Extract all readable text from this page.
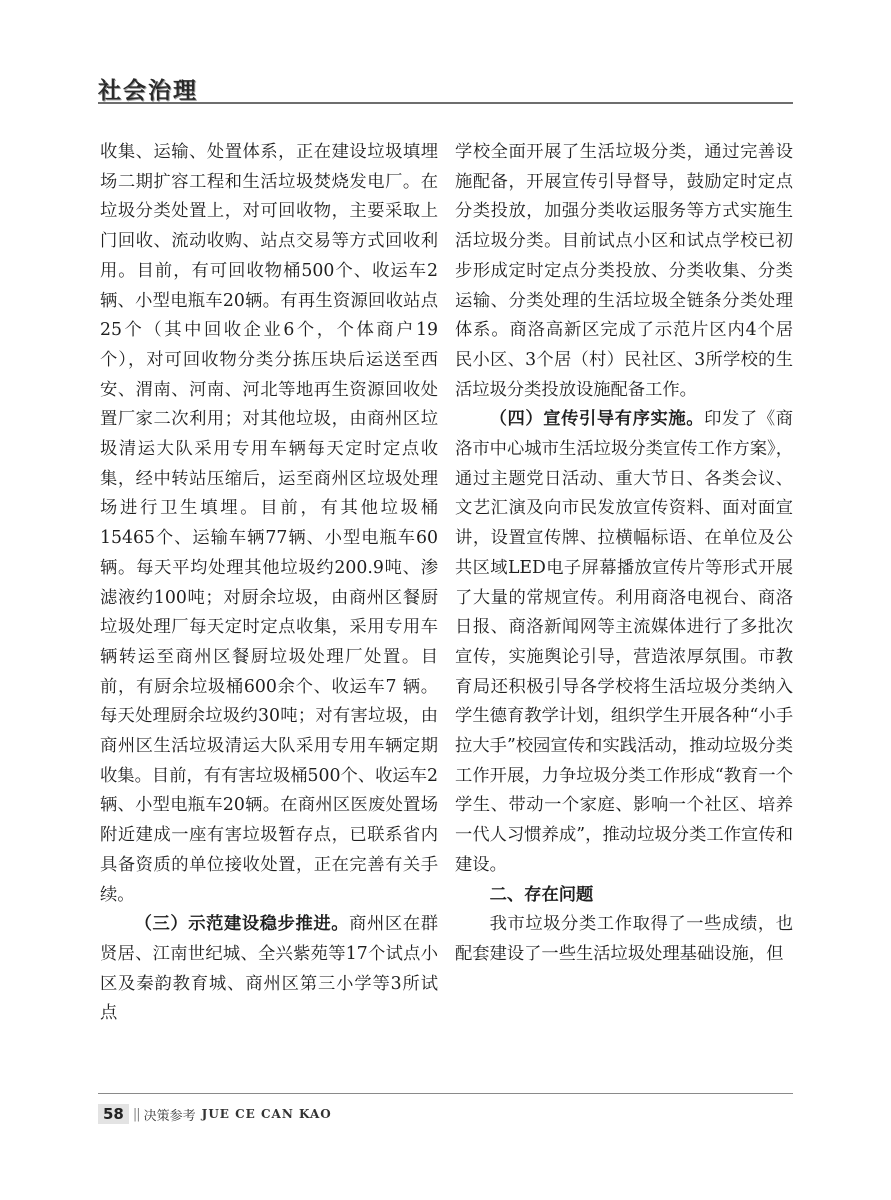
社会治理

收集、运输、处置体系，正在建设垃圾填埋场二期扩容工程和生活垃圾焚烧发电厂。在垃圾分类处置上，对可回收物，主要采取上门回收、流动收购、站点交易等方式回收利用。目前，有可回收物桶500个、收运车2 辆、小型电瓶车20辆。有再生资源回收站点25个（其中回收企业6个，个体商户19个），对可回收物分类分拣压块后运送至西安、渭南、河南、河北等地再生资源回收处置厂家二次利用；对其他垃圾，由商州区垃圾清运大队采用专用车辆每天定时定点收集，经中转站压缩后，运至商州区垃圾处理场进行卫生填埋。目前，有其他垃圾桶15465个、运输车辆77辆、小型电瓶车60辆。每天平均处理其他垃圾约200.9吨、渗滤液约100吨；对厨余垃圾，由商州区餐厨垃圾处理厂每天定时定点收集，采用专用车辆转运至商州区餐厨垃圾处理厂处置。目前，有厨余垃圾桶600余个、收运车7 辆。每天处理厨余垃圾约30吨；对有害垃圾，由商州区生活垃圾清运大队采用专用车辆定期收集。目前，有有害垃圾桶500个、收运车2辆、小型电瓶车20辆。在商州区医废处置场附近建成一座有害垃圾暂存点，已联系省内具备资质的单位接收处置，正在完善有关手续。

（三）示范建设稳步推进。商州区在群贤居、江南世纪城、全兴紫苑等17个试点小区及秦韵教育城、商州区第三小学等3所试点

学校全面开展了生活垃圾分类，通过完善设施配备，开展宣传引导督导，鼓励定时定点分类投放，加强分类收运服务等方式实施生活垃圾分类。目前试点小区和试点学校已初步形成定时定点分类投放、分类收集、分类运输、分类处理的生活垃圾全链条分类处理体系。商洛高新区完成了示范片区内4个居民小区、3个居（村）民社区、3所学校的生活垃圾分类投放设施配备工作。

（四）宣传引导有序实施。印发了《商洛市中心城市生活垃圾分类宣传工作方案》，通过主题党日活动、重大节日、各类会议、文艺汇演及向市民发放宣传资料、面对面宣讲，设置宣传牌、拉横幅标语、在单位及公共区域LED电子屏幕播放宣传片等形式开展了大量的常规宣传。利用商洛电视台、商洛日报、商洛新闻网等主流媒体进行了多批次宣传，实施舆论引导，营造浓厚氛围。市教育局还积极引导各学校将生活垃圾分类纳入学生德育教学计划，组织学生开展各种“小手拉大手”校园宣传和实践活动，推动垃圾分类工作开展，力争垃圾分类工作形成“教育一个学生、带动一个家庭、影响一个社区、培养一代人习惯养成”，推动垃圾分类工作宣传和建设。

二、存在问题

我市垃圾分类工作取得了一些成绩，也配套建设了一些生活垃圾处理基础设施，但

58 || 决策参考 JUE CE CAN KAO
